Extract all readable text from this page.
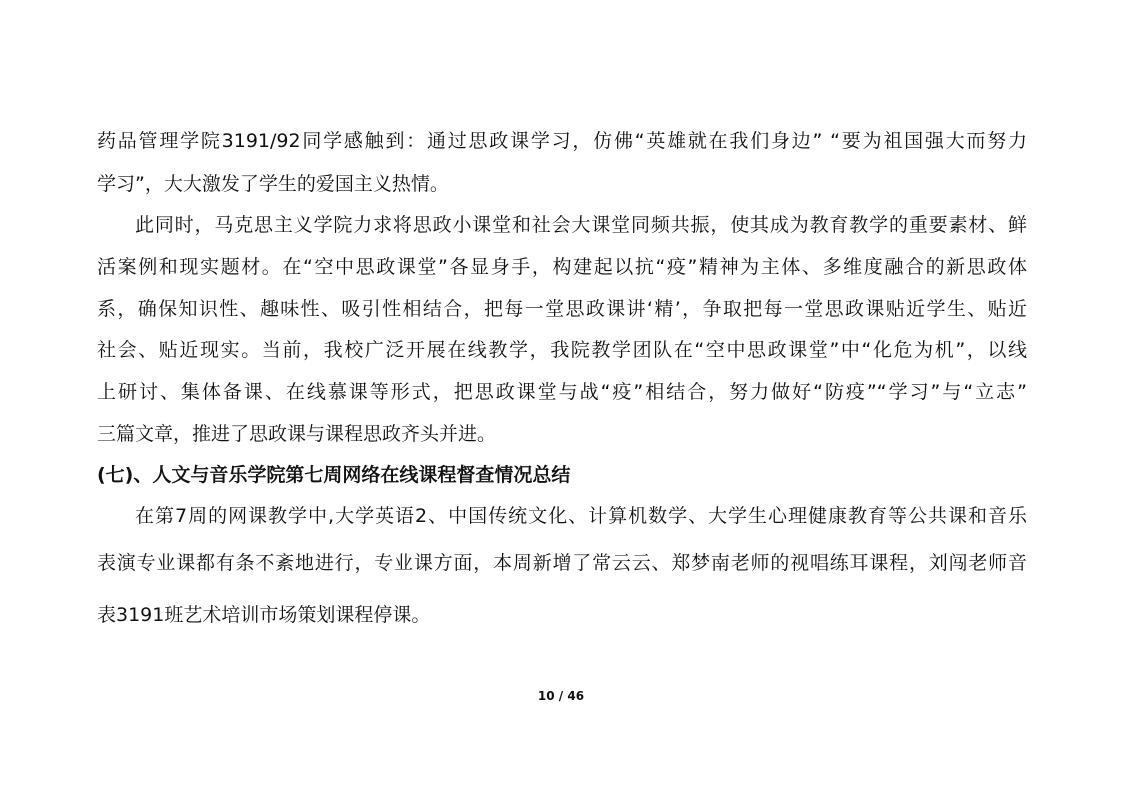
药品管理学院3191/92同学感触到：通过思政课学习，仿佛“英雄就在我们身边” “要为祖国强大而努力
学习”，大大激发了学生的爱国主义热情。
此同时，马克思主义学院力求将思政小课堂和社会大课堂同频共振，使其成为教育教学的重要素材、鲜
活案例和现实题材。在“空中思政课堂”各显身手，构建起以抗“疫”精神为主体、多维度融合的新思政体
系，确保知识性、趣味性、吸引性相结合，把每一堂思政课讲‘精’，争取把每一堂思政课贴近学生、贴近
社会、贴近现实。当前，我校广泛开展在线教学，我院教学团队在“空中思政课堂”中“化危为机”，以线
上研讨、集体备课、在线慕课等形式，把思政课堂与战“疫”相结合，努力做好“防疫”“学习”与“立志”
三篇文章，推进了思政课与课程思政齐头并进。
(七)、人文与音乐学院第七周网络在线课程督查情况总结
在第7周的网课教学中,大学英语2、中国传统文化、计算机数学、大学生心理健康教育等公共课和音乐
表演专业课都有条不紊地进行，专业课方面，本周新增了常云云、郑梦南老师的视唱练耳课程，刘闯老师音
表3191班艺术培训市场策划课程停课。
10 / 46
